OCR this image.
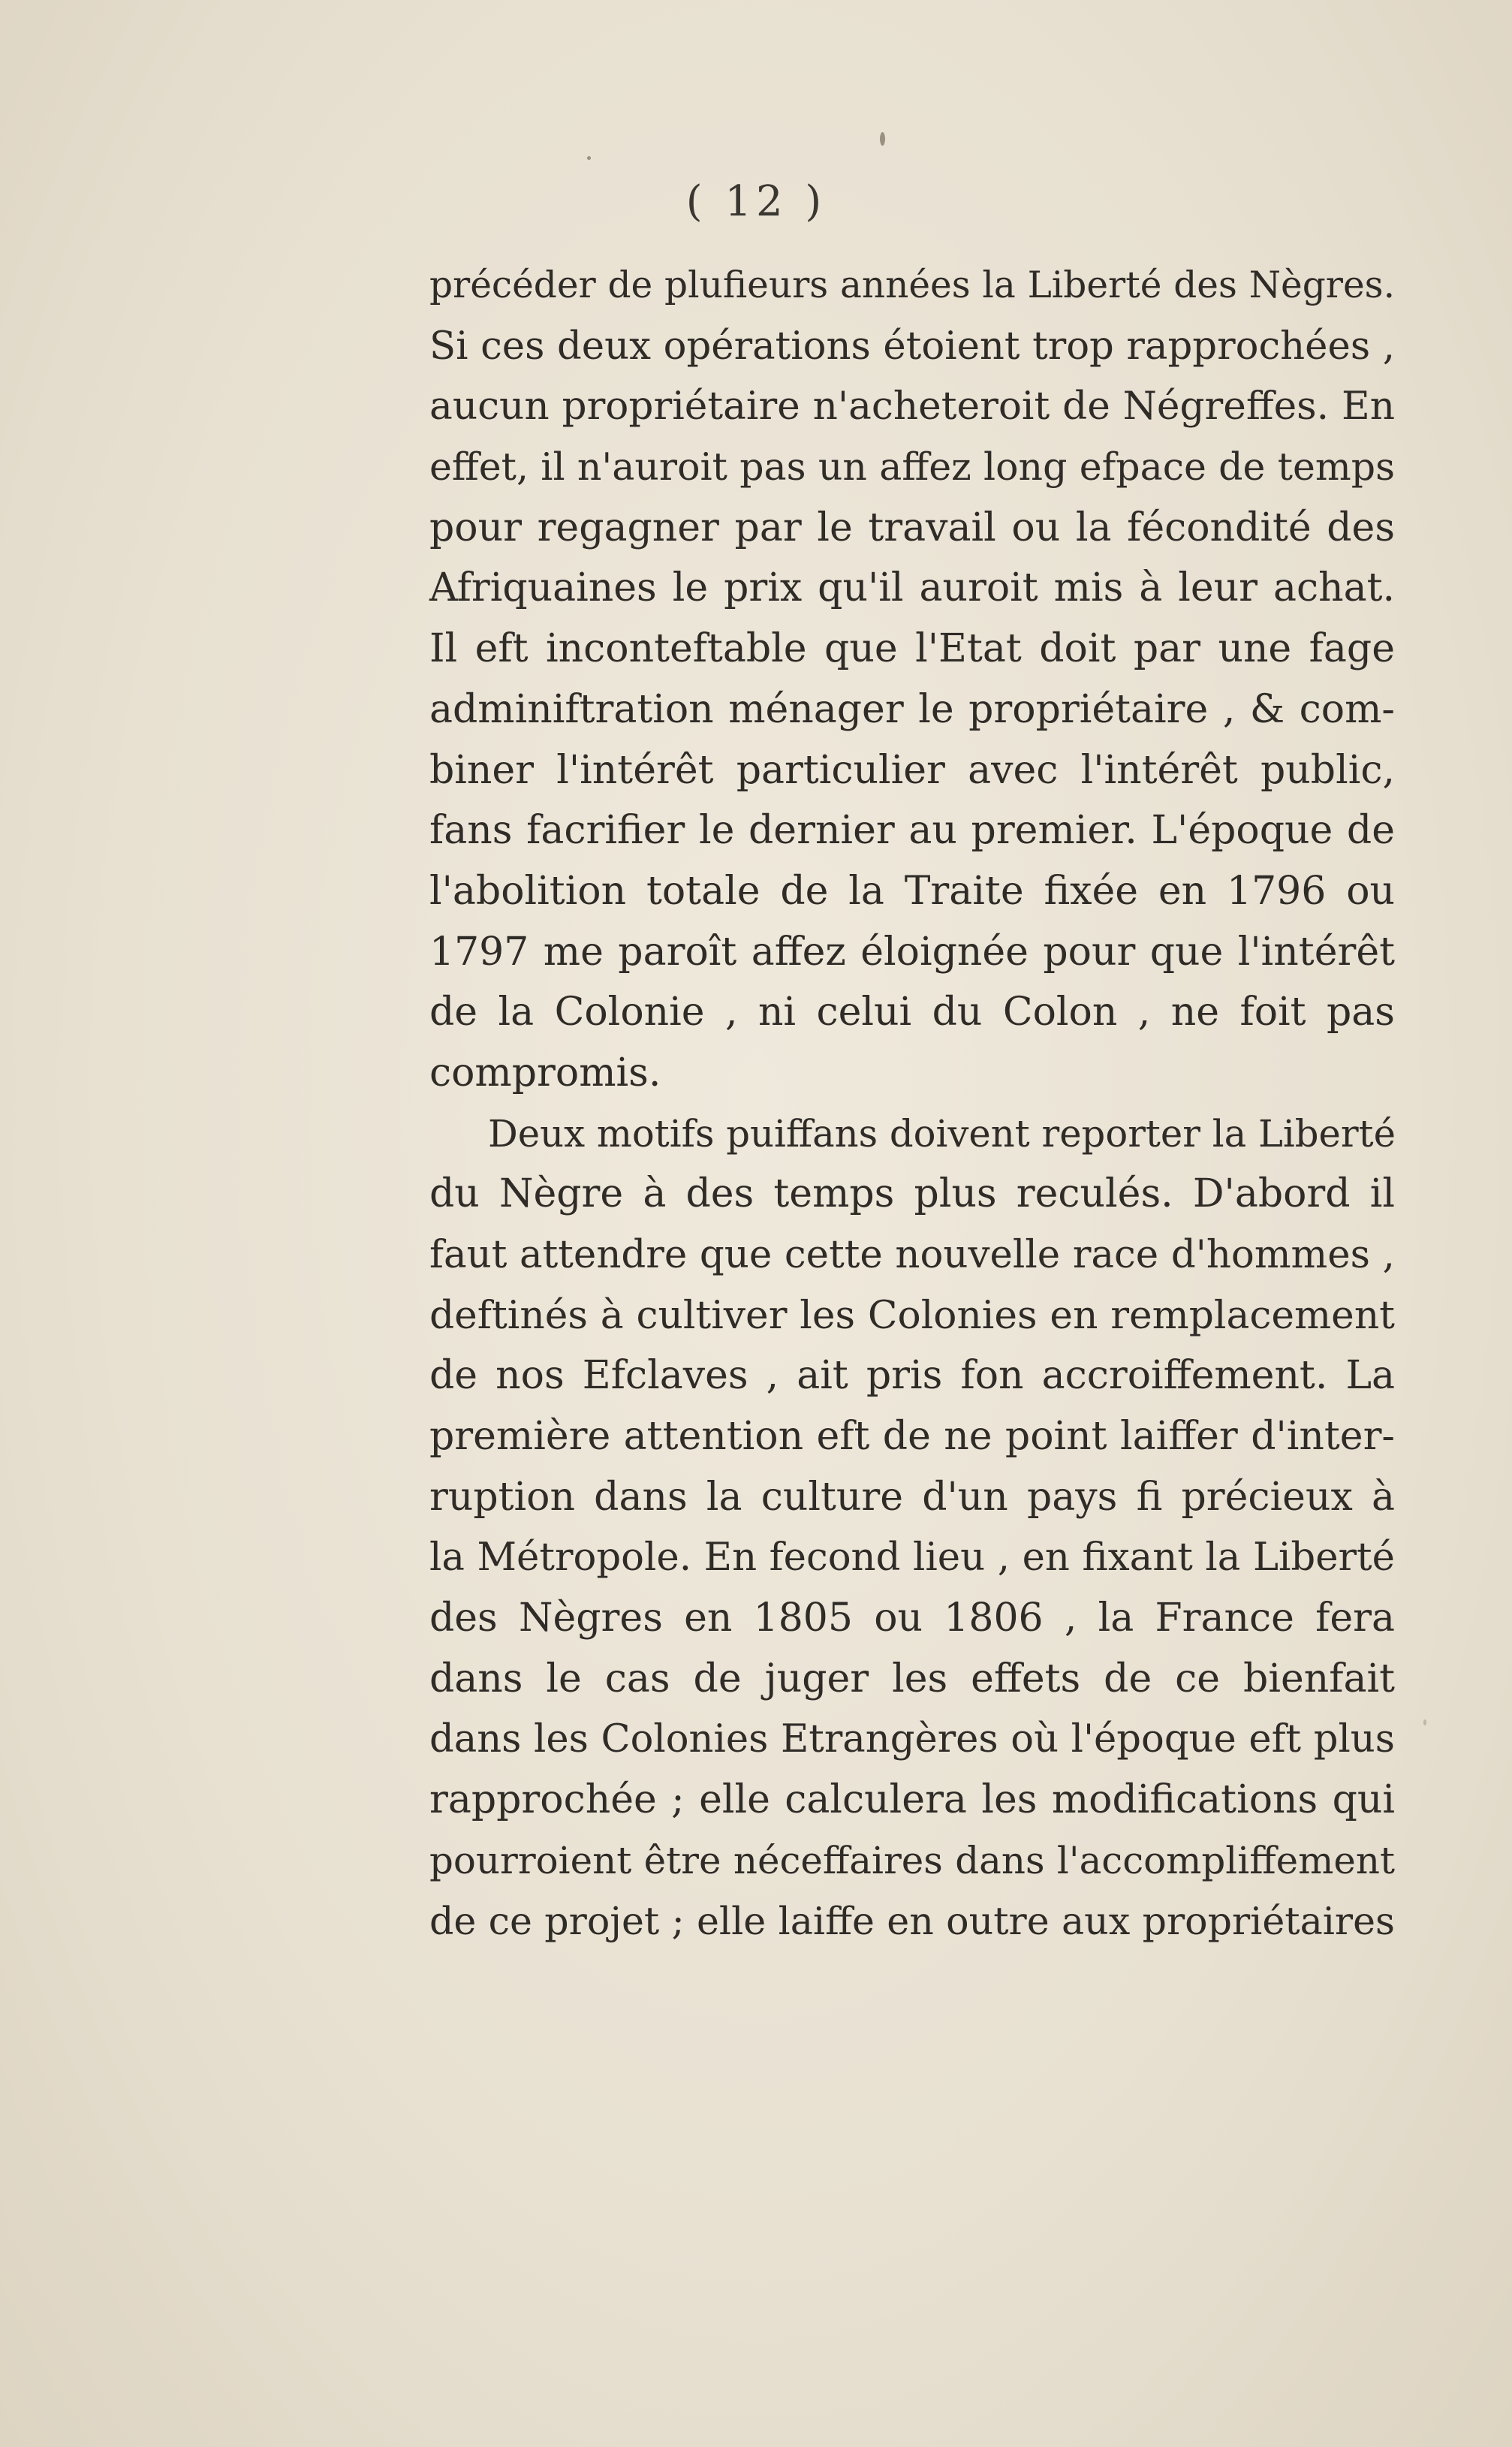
( 12 )
précéder de plufieurs années la Liberté des Nègres.
Si ces deux opérations étoient trop rapprochées ,
aucun propriétaire n'acheteroit de Négreffes. En
effet, il n'auroit pas un affez long efpace de temps
pour regagner par le travail ou la fécondité des
Afriquaines le prix qu'il auroit mis à leur achat.
Il eft inconteftable que l'Etat doit par une fage
adminiftration ménager le propriétaire , & com-
biner l'intérêt particulier avec l'intérêt public,
fans facrifier le dernier au premier. L'époque de
l'abolition totale de la Traite fixée en 1796 ou
1797 me paroît affez éloignée pour que l'intérêt
de la Colonie , ni celui du Colon , ne foit pas
compromis.
Deux motifs puiffans doivent reporter la Liberté
du Nègre à des temps plus reculés. D'abord il
faut attendre que cette nouvelle race d'hommes ,
deftinés à cultiver les Colonies en remplacement
de nos Efclaves , ait pris fon accroiffement. La
première attention eft de ne point laiffer d'inter-
ruption dans la culture d'un pays fi précieux à
la Métropole. En fecond lieu , en fixant la Liberté
des Nègres en 1805 ou 1806 , la France fera
dans le cas de juger les effets de ce bienfait
dans les Colonies Etrangères où l'époque eft plus
rapprochée ; elle calculera les modifications qui
pourroient être néceffaires dans l'accompliffement
de ce projet ; elle laiffe en outre aux propriétaires
